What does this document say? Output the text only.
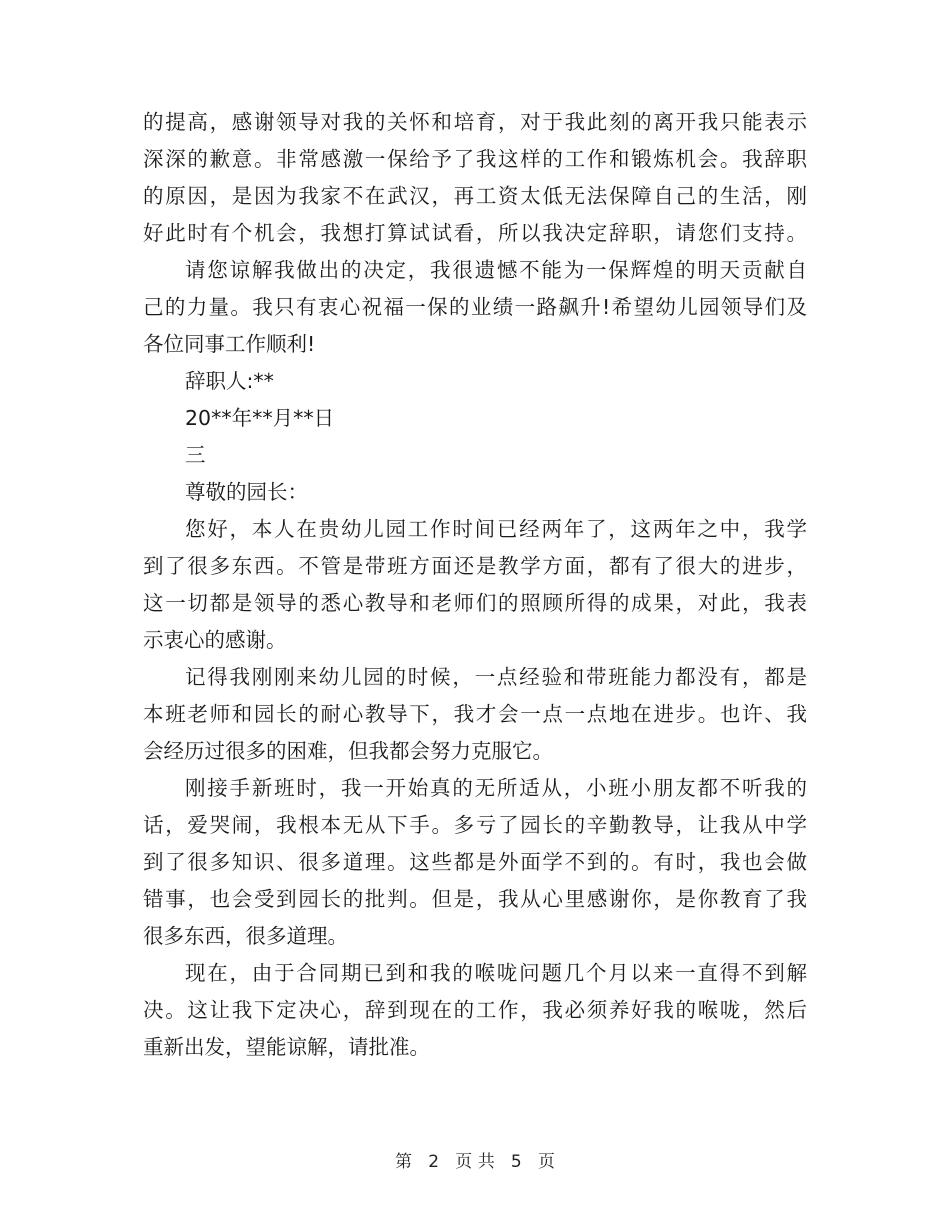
的提高，感谢领导对我的关怀和培育，对于我此刻的离开我只能表示
深深的歉意。非常感激一保给予了我这样的工作和锻炼机会。我辞职
的原因，是因为我家不在武汉，再工资太低无法保障自己的生活，刚
好此时有个机会，我想打算试试看，所以我决定辞职，请您们支持。
请您谅解我做出的决定，我很遗憾不能为一保辉煌的明天贡献自
己的力量。我只有衷心祝福一保的业绩一路飙升!希望幼儿园领导们及
各位同事工作顺利!
辞职人:**
20**年**月**日
三
尊敬的园长：
您好，本人在贵幼儿园工作时间已经两年了，这两年之中，我学
到了很多东西。不管是带班方面还是教学方面，都有了很大的进步，
这一切都是领导的悉心教导和老师们的照顾所得的成果，对此，我表
示衷心的感谢。
记得我刚刚来幼儿园的时候，一点经验和带班能力都没有，都是
本班老师和园长的耐心教导下，我才会一点一点地在进步。也许、我
会经历过很多的困难，但我都会努力克服它。
刚接手新班时，我一开始真的无所适从，小班小朋友都不听我的
话，爱哭闹，我根本无从下手。多亏了园长的辛勤教导，让我从中学
到了很多知识、很多道理。这些都是外面学不到的。有时，我也会做
错事，也会受到园长的批判。但是，我从心里感谢你，是你教育了我
很多东西，很多道理。
现在，由于合同期已到和我的喉咙问题几个月以来一直得不到解
决。这让我下定决心，辞到现在的工作，我必须养好我的喉咙，然后
重新出发，望能谅解，请批准。
第 2 页 共 5 页
